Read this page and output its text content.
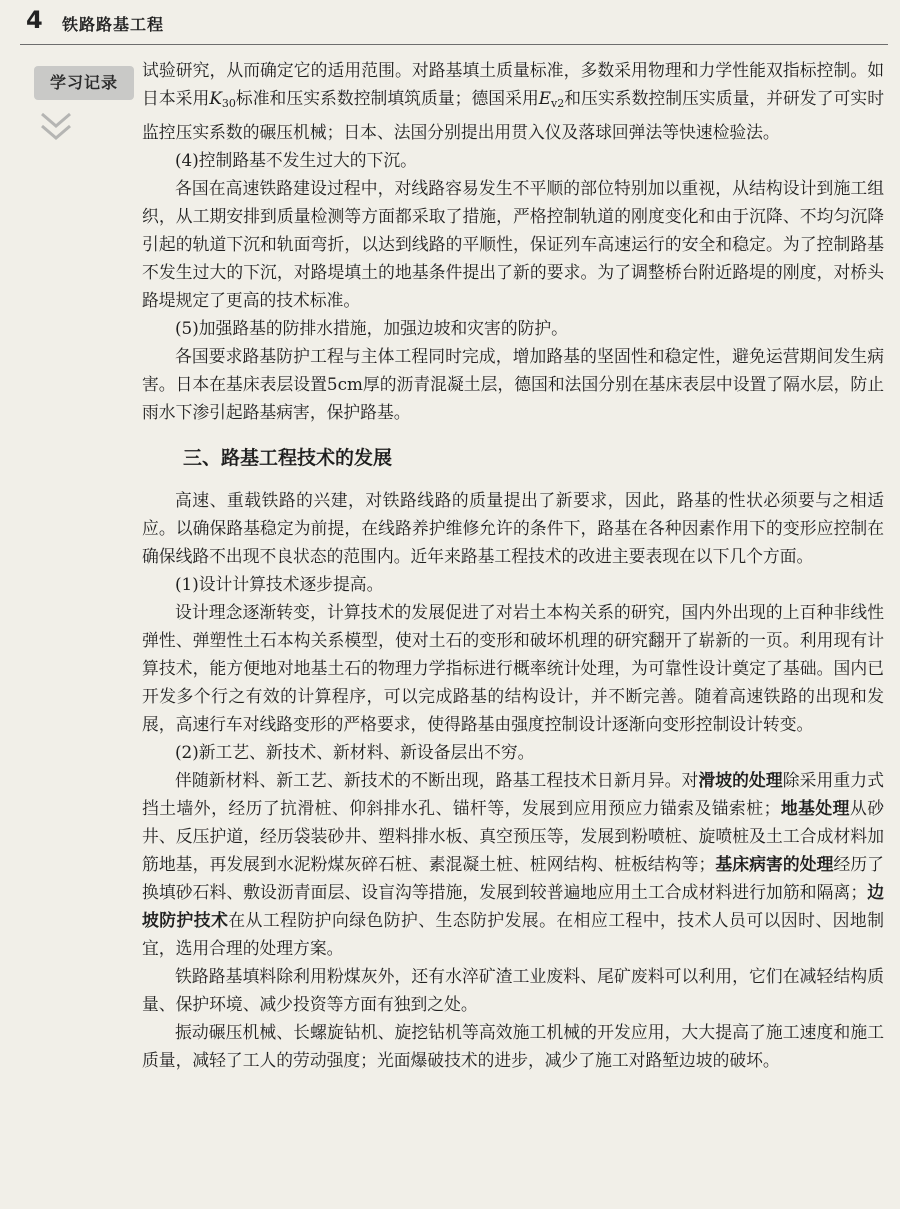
4 铁路路基工程
学习记录

试验研究，从而确定它的适用范围。对路基填土质量标准，多数采用物理和力学性能双指标控制。如日本采用$K_{30}$标准和压实系数控制填筑质量；德国采用$E_{v2}$和压实系数控制压实质量，并研发了可实时监控压实系数的碾压机械；日本、法国分别提出用贯入仪及落球回弹法等快速检验法。

(4)控制路基不发生过大的下沉。

各国在高速铁路建设过程中，对线路容易发生不平顺的部位特别加以重视，从结构设计到施工组织，从工期安排到质量检测等方面都采取了措施，严格控制轨道的刚度变化和由于沉降、不均匀沉降引起的轨道下沉和轨面弯折，以达到线路的平顺性，保证列车高速运行的安全和稳定。为了控制路基不发生过大的下沉，对路堤填土的地基条件提出了新的要求。为了调整桥台附近路堤的刚度，对桥头路堤规定了更高的技术标准。

(5)加强路基的防排水措施，加强边坡和灾害的防护。

各国要求路基防护工程与主体工程同时完成，增加路基的坚固性和稳定性，避免运营期间发生病害。日本在基床表层设置5cm厚的沥青混凝土层，德国和法国分别在基床表层中设置了隔水层，防止雨水下渗引起路基病害，保护路基。

三、路基工程技术的发展

高速、重载铁路的兴建，对铁路线路的质量提出了新要求，因此，路基的性状必须要与之相适应。以确保路基稳定为前提，在线路养护维修允许的条件下，路基在各种因素作用下的变形应控制在确保线路不出现不良状态的范围内。近年来路基工程技术的改进主要表现在以下几个方面。

(1)设计计算技术逐步提高。

设计理念逐渐转变，计算技术的发展促进了对岩土本构关系的研究，国内外出现的上百种非线性弹性、弹塑性土石本构关系模型，使对土石的变形和破坏机理的研究翻开了崭新的一页。利用现有计算技术，能方便地对地基土石的物理力学指标进行概率统计处理，为可靠性设计奠定了基础。国内已开发多个行之有效的计算程序，可以完成路基的结构设计，并不断完善。随着高速铁路的出现和发展，高速行车对线路变形的严格要求，使得路基由强度控制设计逐渐向变形控制设计转变。

(2)新工艺、新技术、新材料、新设备层出不穷。

伴随新材料、新工艺、新技术的不断出现，路基工程技术日新月异。对滑坡的处理除采用重力式挡土墙外，经历了抗滑桩、仰斜排水孔、锚杆等，发展到应用预应力锚索及锚索桩；地基处理从砂井、反压护道，经历袋装砂井、塑料排水板、真空预压等，发展到粉喷桩、旋喷桩及土工合成材料加筋地基，再发展到水泥粉煤灰碎石桩、素混凝土桩、桩网结构、桩板结构等；基床病害的处理经历了换填砂石料、敷设沥青面层、设盲沟等措施，发展到较普遍地应用土工合成材料进行加筋和隔离；边坡防护技术在从工程防护向绿色防护、生态防护发展。在相应工程中，技术人员可以因时、因地制宜，选用合理的处理方案。

铁路路基填料除利用粉煤灰外，还有水淬矿渣工业废料、尾矿废料可以利用，它们在减轻结构质量、保护环境、减少投资等方面有独到之处。

振动碾压机械、长螺旋钻机、旋挖钻机等高效施工机械的开发应用，大大提高了施工速度和施工质量，减轻了工人的劳动强度；光面爆破技术的进步，减少了施工对路堑边坡的破坏。
